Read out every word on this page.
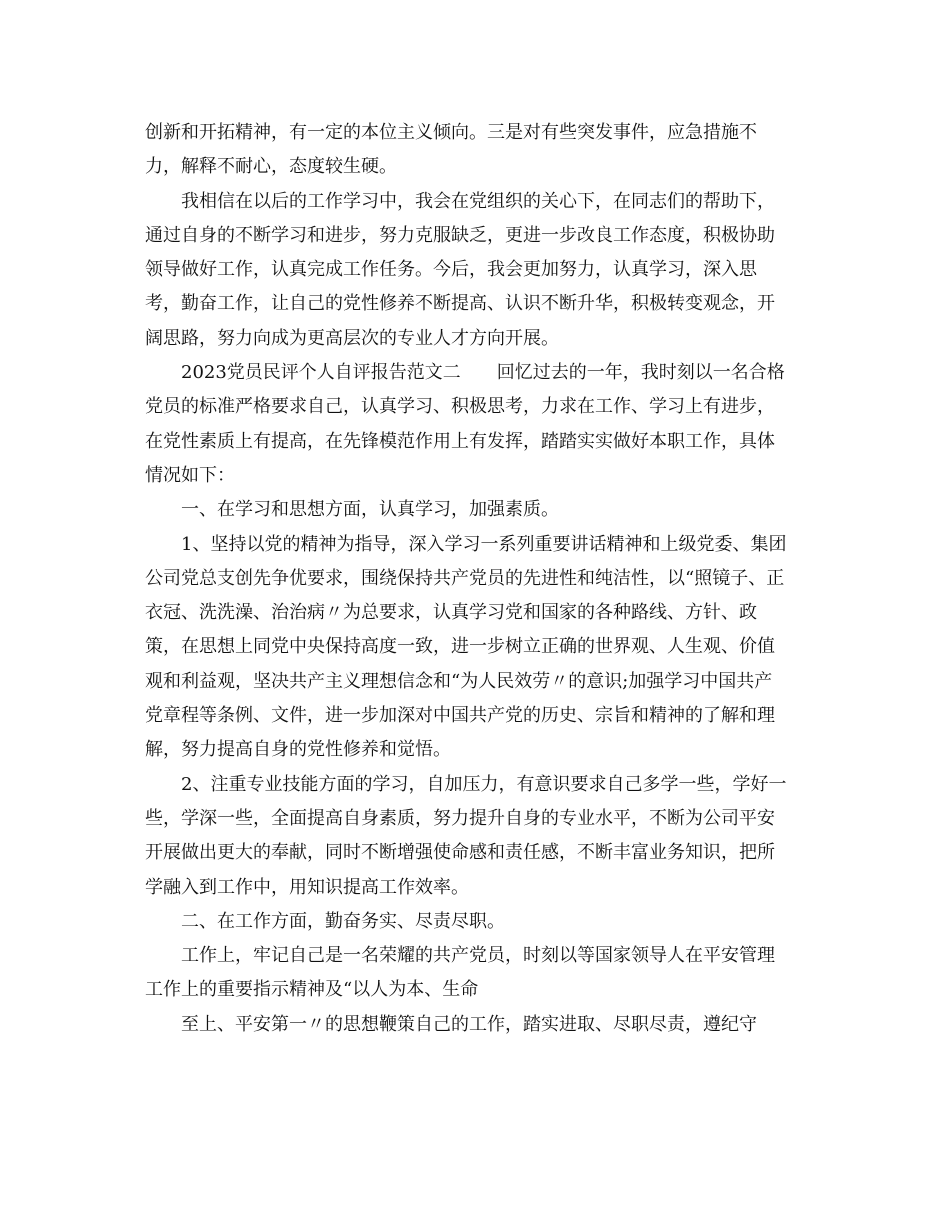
创新和开拓精神，有一定的本位主义倾向。三是对有些突发事件，应急措施不
力，解释不耐心，态度较生硬。
　　我相信在以后的工作学习中，我会在党组织的关心下，在同志们的帮助下，
通过自身的不断学习和进步，努力克服缺乏，更进一步改良工作态度，积极协助
领导做好工作，认真完成工作任务。今后，我会更加努力，认真学习，深入思
考，勤奋工作，让自己的党性修养不断提高、认识不断升华，积极转变观念，开
阔思路，努力向成为更高层次的专业人才方向开展。
　　2023党员民评个人自评报告范文二　　回忆过去的一年，我时刻以一名合格
党员的标准严格要求自己，认真学习、积极思考，力求在工作、学习上有进步，
在党性素质上有提高，在先锋模范作用上有发挥，踏踏实实做好本职工作，具体
情况如下：
　　一、在学习和思想方面，认真学习，加强素质。
　　1、坚持以党的精神为指导，深入学习一系列重要讲话精神和上级党委、集团
公司党总支创先争优要求，围绕保持共产党员的先进性和纯洁性，以“照镜子、正
衣冠、洗洗澡、治治病〃为总要求，认真学习党和国家的各种路线、方针、政
策，在思想上同党中央保持高度一致，进一步树立正确的世界观、人生观、价值
观和利益观，坚决共产主义理想信念和“为人民效劳〃的意识;加强学习中国共产
党章程等条例、文件，进一步加深对中国共产党的历史、宗旨和精神的了解和理
解，努力提高自身的党性修养和觉悟。
　　2、注重专业技能方面的学习，自加压力，有意识要求自己多学一些，学好一
些，学深一些，全面提高自身素质，努力提升自身的专业水平，不断为公司平安
开展做出更大的奉献，同时不断增强使命感和责任感，不断丰富业务知识，把所
学融入到工作中，用知识提高工作效率。
　　二、在工作方面，勤奋务实、尽责尽职。
　　工作上，牢记自己是一名荣耀的共产党员，时刻以等国家领导人在平安管理
工作上的重要指示精神及“以人为本、生命
　　至上、平安第一〃的思想鞭策自己的工作，踏实进取、尽职尽责，遵纪守
